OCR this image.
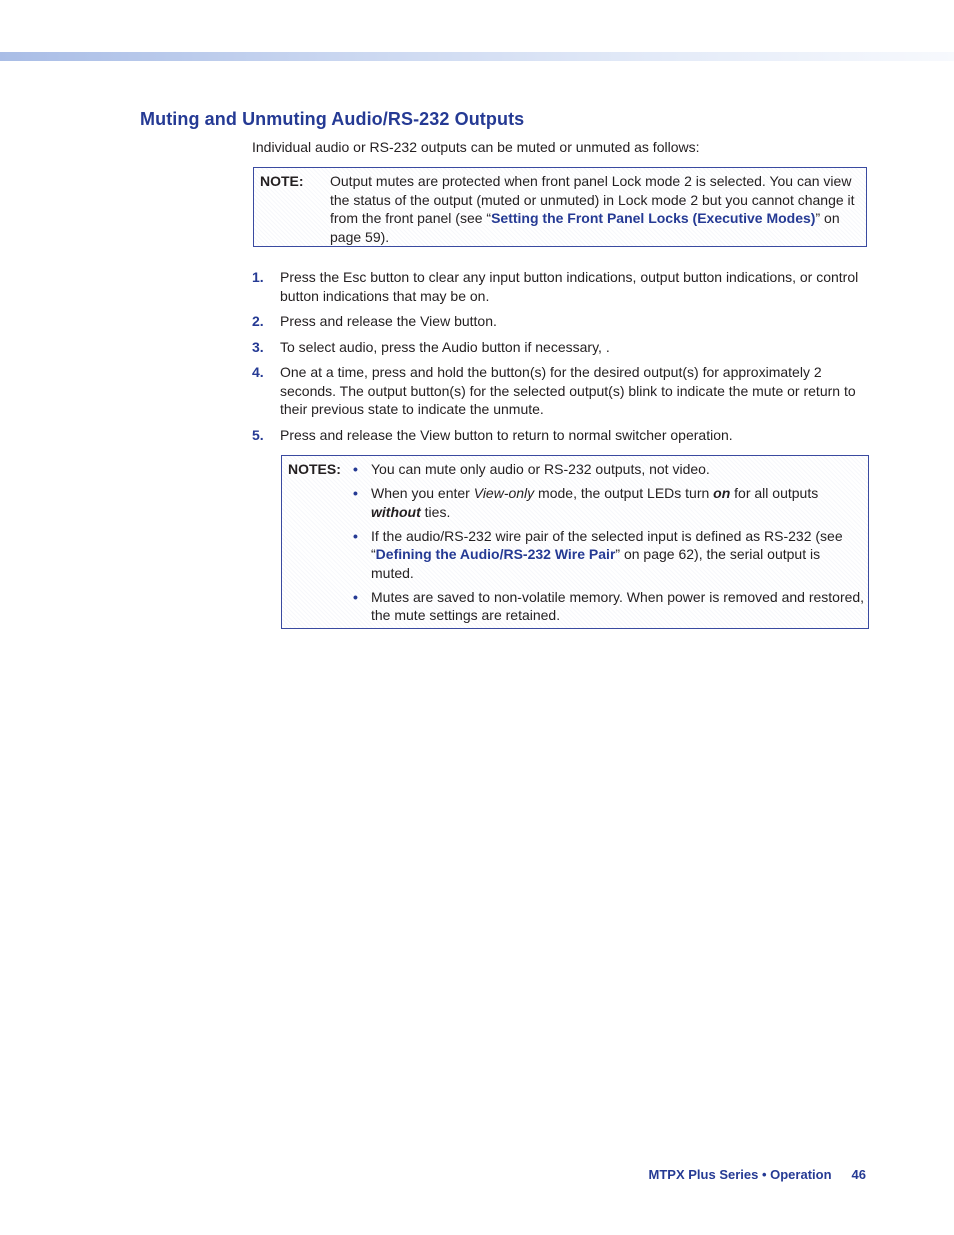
Muting and Unmuting Audio/RS-232 Outputs
Individual audio or RS-232 outputs can be muted or unmuted as follows:
NOTE: Output mutes are protected when front panel Lock mode 2 is selected. You can view the status of the output (muted or unmuted) in Lock mode 2 but you cannot change it from the front panel (see “Setting the Front Panel Locks (Executive Modes)” on page 59).
1. Press the Esc button to clear any input button indications, output button indications, or control button indications that may be on.
2. Press and release the View button.
3. To select audio, press the Audio button if necessary, .
4. One at a time, press and hold the button(s) for the desired output(s) for approximately 2 seconds. The output button(s) for the selected output(s) blink to indicate the mute or return to their previous state to indicate the unmute.
5. Press and release the View button to return to normal switcher operation.
NOTES: • You can mute only audio or RS-232 outputs, not video.
• When you enter View-only mode, the output LEDs turn on for all outputs without ties.
• If the audio/RS-232 wire pair of the selected input is defined as RS-232 (see “Defining the Audio/RS-232 Wire Pair” on page 62), the serial output is muted.
• Mutes are saved to non-volatile memory. When power is removed and restored, the mute settings are retained.
MTPX Plus Series • Operation 46
